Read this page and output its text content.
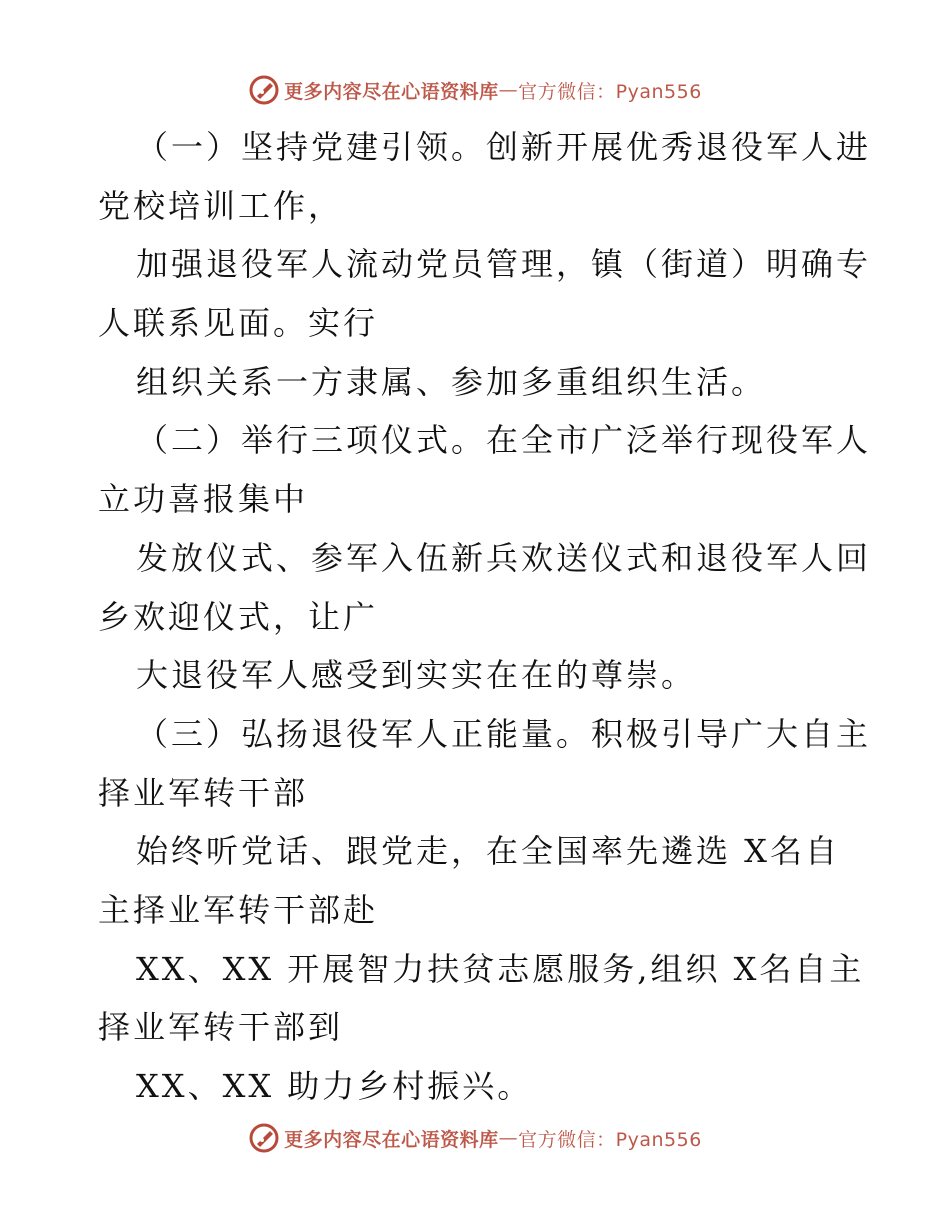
更多内容尽在心语资料库 — 官方微信：Pyan556
（一）坚持党建引领。创新开展优秀退役军人进
党校培训工作，
加强退役军人流动党员管理，镇（街道）明确专
人联系见面。实行
组织关系一方隶属、参加多重组织生活。
（二）举行三项仪式。在全市广泛举行现役军人
立功喜报集中
发放仪式、参军入伍新兵欢送仪式和退役军人回
乡欢迎仪式，让广
大退役军人感受到实实在在的尊崇。
（三）弘扬退役军人正能量。积极引导广大自主
择业军转干部
始终听党话、跟党走，在全国率先遴选 X名自
主择业军转干部赴
XX、XX 开展智力扶贫志愿服务,组织 X名自主
择业军转干部到
XX、XX 助力乡村振兴。
更多内容尽在心语资料库 — 官方微信：Pyan556
